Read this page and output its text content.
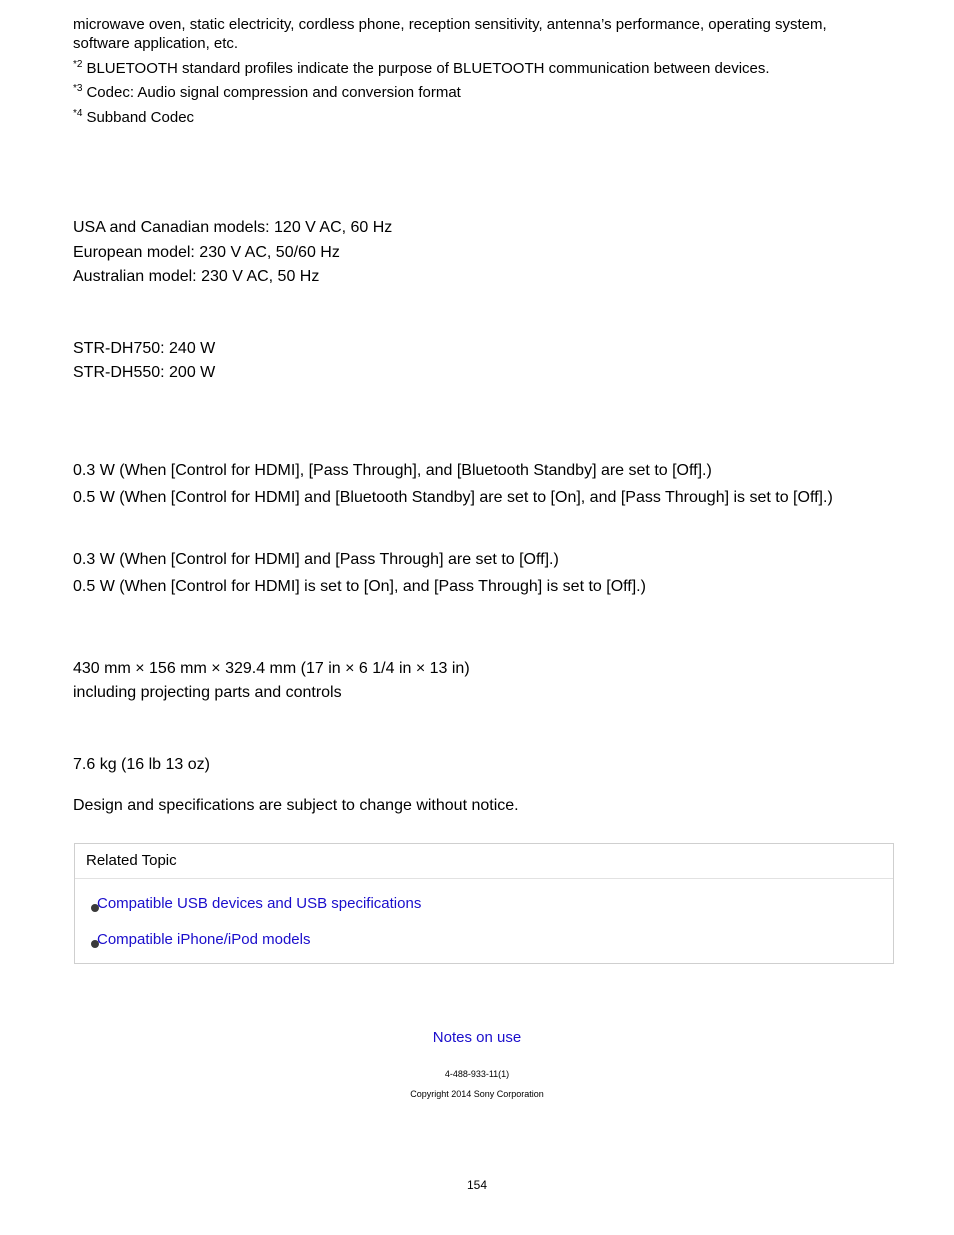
microwave oven, static electricity, cordless phone, reception sensitivity, antenna’s performance, operating system,
software application, etc.
$^{*2}$ BLUETOOTH standard profiles indicate the purpose of BLUETOOTH communication between devices.
$^{*3}$ Codec: Audio signal compression and conversion format
$^{*4}$ Subband Codec
USA and Canadian models: 120 V AC, 60 Hz
European model: 230 V AC, 50/60 Hz
Australian model: 230 V AC, 50 Hz
STR-DH750: 240 W
STR-DH550: 200 W
0.3 W (When [Control for HDMI], [Pass Through], and [Bluetooth Standby] are set to [Off].)
0.5 W (When [Control for HDMI] and [Bluetooth Standby] are set to [On], and [Pass Through] is set to [Off].)
0.3 W (When [Control for HDMI] and [Pass Through] are set to [Off].)
0.5 W (When [Control for HDMI] is set to [On], and [Pass Through] is set to [Off].)
430 mm × 156 mm × 329.4 mm (17 in × 6 1/4 in × 13 in)
including projecting parts and controls
7.6 kg (16 lb 13 oz)
Design and specifications are subject to change without notice.
Related Topic
Compatible USB devices and USB specifications
Compatible iPhone/iPod models
Notes on use
4-488-933-11(1)
Copyright 2014 Sony Corporation
154
